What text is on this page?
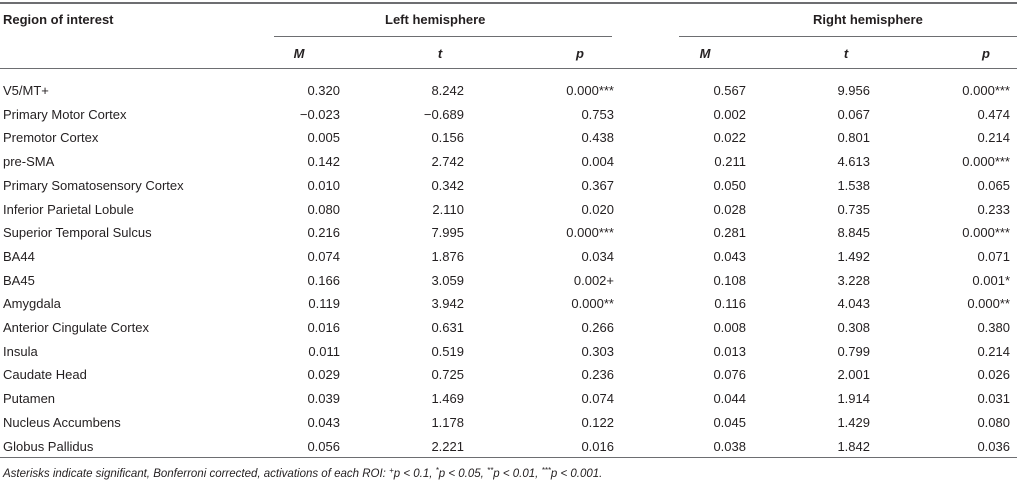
Region of interest	Left hemisphere	Right hemisphere
M	t	p	M	t	p
V5/MT+	0.320	8.242	0.000***	0.567	9.956	0.000***
Primary Motor Cortex	−0.023	−0.689	0.753	0.002	0.067	0.474
Premotor Cortex	0.005	0.156	0.438	0.022	0.801	0.214
pre-SMA	0.142	2.742	0.004	0.211	4.613	0.000***
Primary Somatosensory Cortex	0.010	0.342	0.367	0.050	1.538	0.065
Inferior Parietal Lobule	0.080	2.110	0.020	0.028	0.735	0.233
Superior Temporal Sulcus	0.216	7.995	0.000***	0.281	8.845	0.000***
BA44	0.074	1.876	0.034	0.043	1.492	0.071
BA45	0.166	3.059	0.002+	0.108	3.228	0.001*
Amygdala	0.119	3.942	0.000**	0.116	4.043	0.000**
Anterior Cingulate Cortex	0.016	0.631	0.266	0.008	0.308	0.380
Insula	0.011	0.519	0.303	0.013	0.799	0.214
Caudate Head	0.029	0.725	0.236	0.076	2.001	0.026
Putamen	0.039	1.469	0.074	0.044	1.914	0.031
Nucleus Accumbens	0.043	1.178	0.122	0.045	1.429	0.080
Globus Pallidus	0.056	2.221	0.016	0.038	1.842	0.036
Asterisks indicate significant, Bonferroni corrected, activations of each ROI: +p < 0.1, *p < 0.05, **p < 0.01, ***p < 0.001.
